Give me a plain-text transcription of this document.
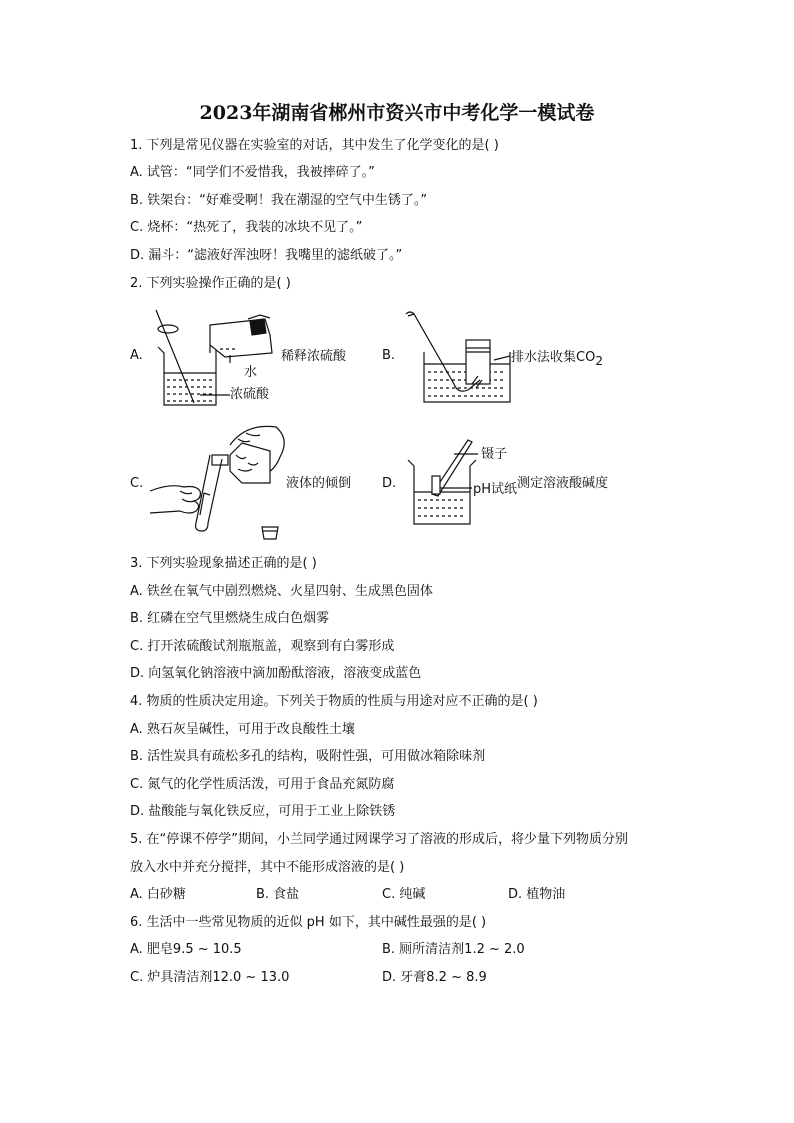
2023年湖南省郴州市资兴市中考化学一模试卷
1. 下列是常见仪器在实验室的对话，其中发生了化学变化的是( )
A. 试管：“同学们不爱惜我，我被摔碎了。”
B. 铁架台：“好难受啊！我在潮湿的空气中生锈了。”
C. 烧杯：“热死了，我装的冰块不见了。”
D. 漏斗：“滤液好浑浊呀！我嘴里的滤纸破了。”
2. 下列实验操作正确的是( )
A.	稀释浓硫酸
水
浓硫酸
B.	排水法收集CO2
C.	液体的倾倒 D.
镊子
pH试纸 测定溶液酸碱度
3. 下列实验现象描述正确的是( )
A. 铁丝在氧气中剧烈燃烧、火星四射、生成黑色固体
B. 红磷在空气里燃烧生成白色烟雾
C. 打开浓硫酸试剂瓶瓶盖，观察到有白雾形成
D. 向氢氧化钠溶液中滴加酚酞溶液，溶液变成蓝色
4. 物质的性质决定用途。下列关于物质的性质与用途对应不正确的是( )
A. 熟石灰呈碱性，可用于改良酸性土壤
B. 活性炭具有疏松多孔的结构，吸附性强，可用做冰箱除味剂
C. 氮气的化学性质活泼，可用于食品充氮防腐
D. 盐酸能与氧化铁反应，可用于工业上除铁锈
5. 在“停课不停学”期间，小兰同学通过网课学习了溶液的形成后，将少量下列物质分别
放入水中并充分搅拌，其中不能形成溶液的是( )
A. 白砂糖	B. 食盐	C. 纯碱	D. 植物油
6. 生活中一些常见物质的近似 pH 如下，其中碱性最强的是( )
A. 肥皂9.5 ~ 10.5	B. 厕所清洁剂1.2 ~ 2.0
C. 炉具清洁剂12.0 ~ 13.0	D. 牙膏8.2 ~ 8.9
